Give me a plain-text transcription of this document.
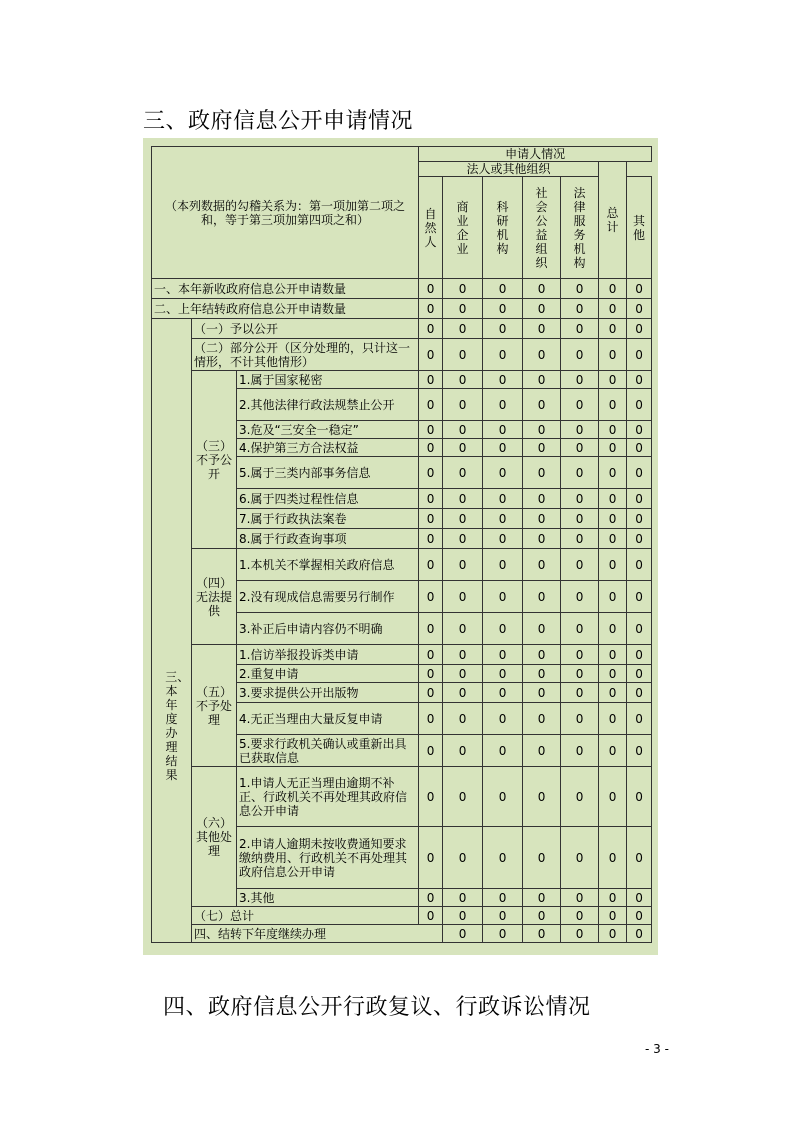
三、政府信息公开申请情况
（本列数据的勾稽关系为：第一项加第二项之和，等于第三项加第四项之和）			申请人情况							
			法人或其他组织					总计		

			自然人	商业企业	科研机构	社会公益组织	法律服务机构		其他	

一、本年新收政府信息公开申请数量			0	0	0	0	0	0	0	
二、上年结转政府信息公开申请数量			0	0	0	0	0	0	0	

三、本年度办理结果	（一）予以公开		0	0	0	0	0	0	0	
	（二）部分公开（区分处理的，只计这一情形，不计其他情形）		0	0	0	0	0	0	0	
	（三）不予公开	1.属于国家秘密	0	0	0	0	0	0	0	
		2.其他法律行政法规禁止公开	0	0	0	0	0	0	0	
		3.危及“三安全一稳定”	0	0	0	0	0	0	0	
		4.保护第三方合法权益	0	0	0	0	0	0	0	
		5.属于三类内部事务信息	0	0	0	0	0	0	0	
		6.属于四类过程性信息	0	0	0	0	0	0	0	
		7.属于行政执法案卷	0	0	0	0	0	0	0	
		8.属于行政查询事项	0	0	0	0	0	0	0	
	（四）无法提供	1.本机关不掌握相关政府信息	0	0	0	0	0	0	0	
		2.没有现成信息需要另行制作	0	0	0	0	0	0	0	
		3.补正后申请内容仍不明确	0	0	0	0	0	0	0	
	（五）不予处理	1.信访举报投诉类申请	0	0	0	0	0	0	0	
		2.重复申请	0	0	0	0	0	0	0	
		3.要求提供公开出版物	0	0	0	0	0	0	0	
		4.无正当理由大量反复申请	0	0	0	0	0	0	0	
		5.要求行政机关确认或重新出具已获取信息	0	0	0	0	0	0	0	
	（六）其他处理	1.申请人无正当理由逾期不补正、行政机关不再处理其政府信息公开申请	0	0	0	0	0	0	0	
		2.申请人逾期未按收费通知要求缴纳费用、行政机关不再处理其政府信息公开申请	0	0	0	0	0	0	0	
		3.其他	0	0	0	0	0	0	0	
	（七）总计		0	0	0	0	0	0	0	
	四、结转下年度继续办理			0	0	0	0	0	0	
四、政府信息公开行政复议、行政诉讼情况
- 3 -
